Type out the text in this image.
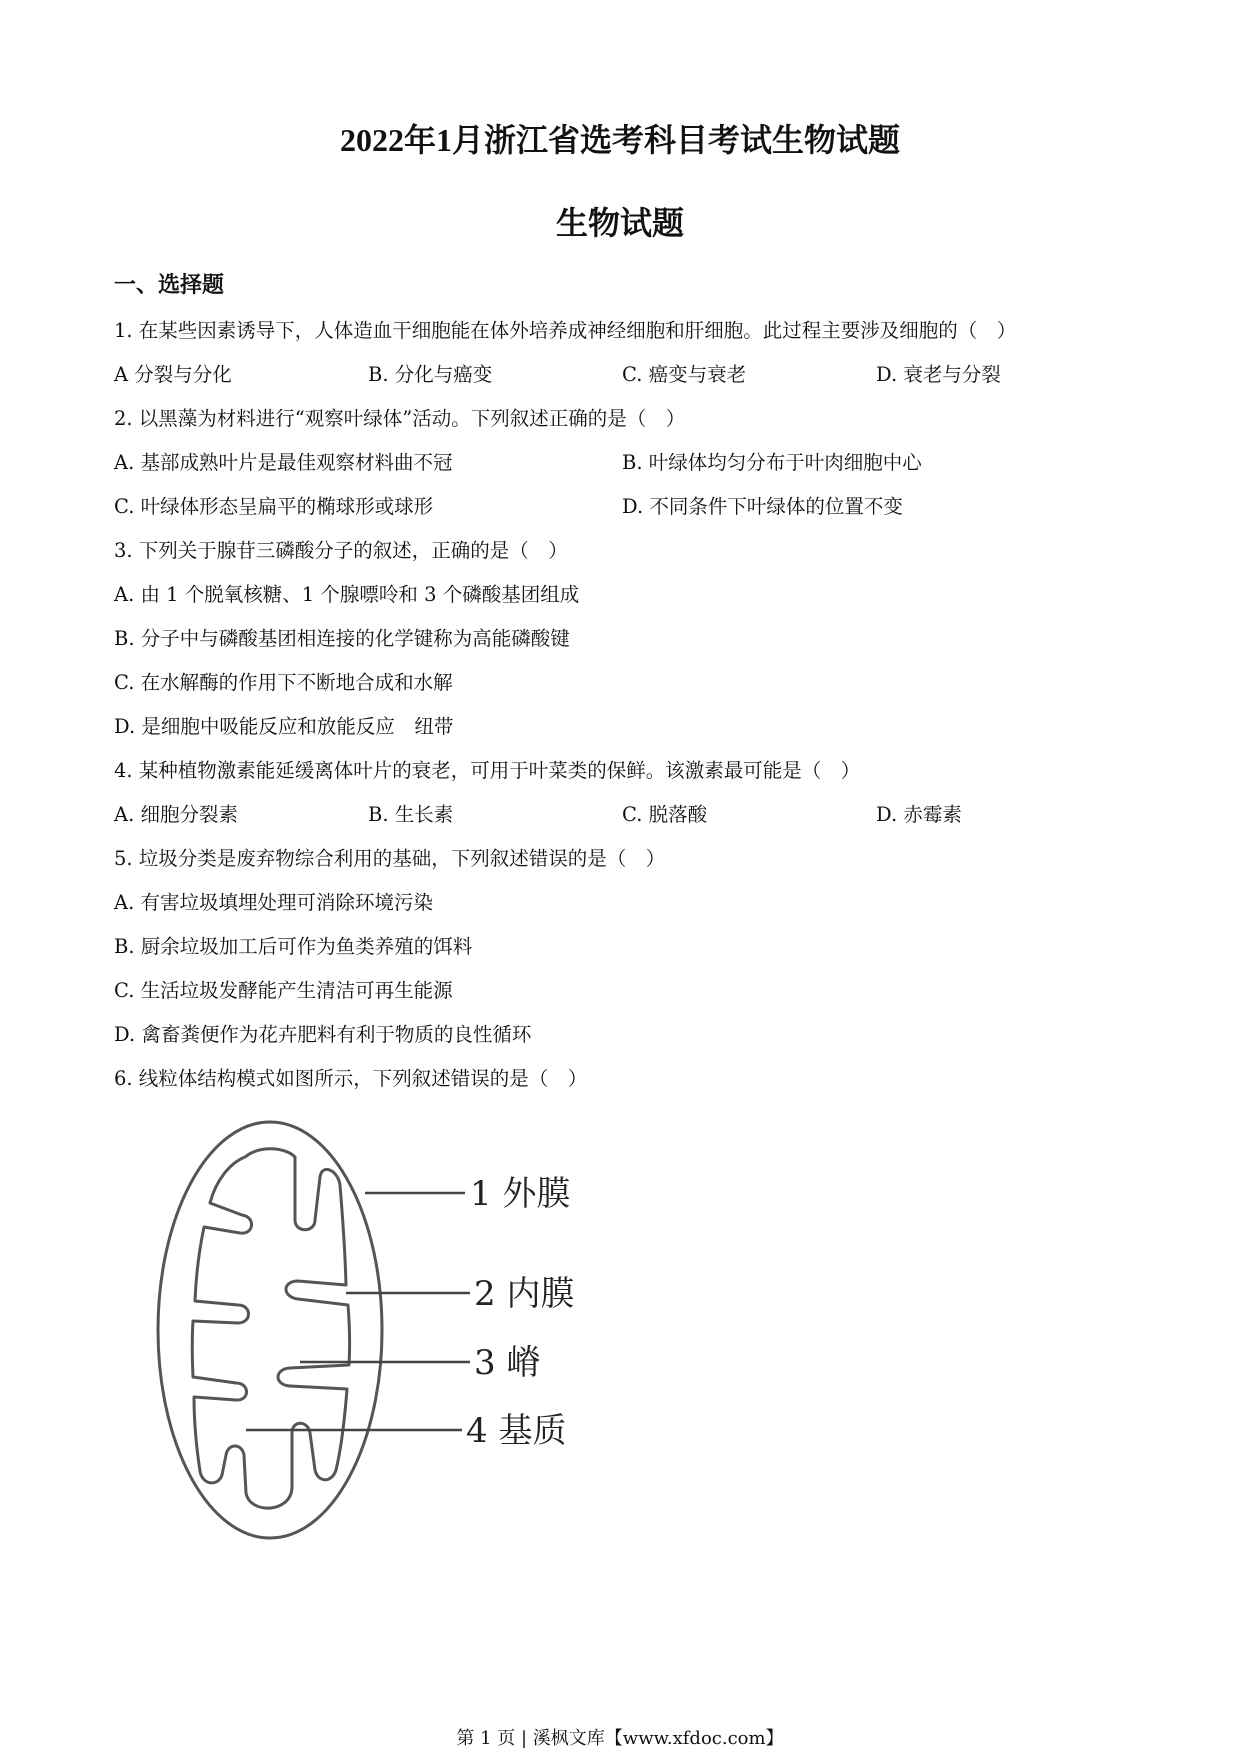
2022年1月浙江省选考科目考试生物试题
生物试题
一、选择题
1. 在某些因素诱导下，人体造血干细胞能在体外培养成神经细胞和肝细胞。此过程主要涉及细胞的（　）
A 分裂与分化	B. 分化与癌变	C. 癌变与衰老	D. 衰老与分裂
2. 以黑藻为材料进行“观察叶绿体”活动。下列叙述正确的是（　）
A. 基部成熟叶片是最佳观察材料曲不冠	B. 叶绿体均匀分布于叶肉细胞中心
C. 叶绿体形态呈扁平的椭球形或球形	D. 不同条件下叶绿体的位置不变
3. 下列关于腺苷三磷酸分子的叙述，正确的是（　）
A. 由 1 个脱氧核糖、1 个腺嘌呤和 3 个磷酸基团组成
B. 分子中与磷酸基团相连接的化学键称为高能磷酸键
C. 在水解酶的作用下不断地合成和水解
D. 是细胞中吸能反应和放能反应　纽带
4. 某种植物激素能延缓离体叶片的衰老，可用于叶菜类的保鲜。该激素最可能是（　）
A. 细胞分裂素	B. 生长素	C. 脱落酸	D. 赤霉素
5. 垃圾分类是废弃物综合利用的基础，下列叙述错误的是（　）
A. 有害垃圾填埋处理可消除环境污染
B. 厨余垃圾加工后可作为鱼类养殖的饵料
C. 生活垃圾发酵能产生清洁可再生能源
D. 禽畜粪便作为花卉肥料有利于物质的良性循环
6. 线粒体结构模式如图所示，下列叙述错误的是（　）
1 外膜
2 内膜
3 嵴
4 基质
第 1 页 | 溪枫文库【www.xfdoc.com】
